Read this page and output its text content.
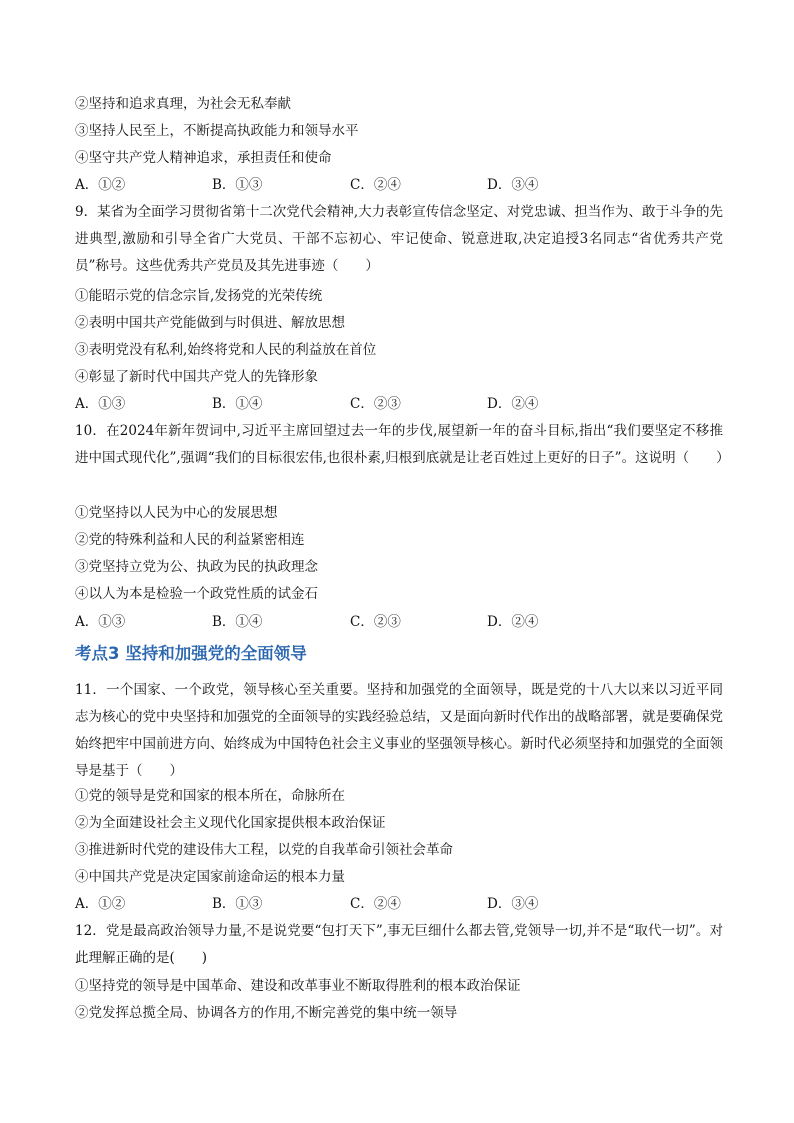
②坚持和追求真理，为社会无私奉献
③坚持人民至上，不断提高执政能力和领导水平
④坚守共产党人精神追求，承担责任和使命
A．①②	B．①③	C．②④	D．③④
9．某省为全面学习贯彻省第十二次党代会精神,大力表彰宣传信念坚定、对党忠诚、担当作为、敢于斗争的先进典型,激励和引导全省广大党员、干部不忘初心、牢记使命、锐意进取,决定追授3名同志“省优秀共产党员”称号。这些优秀共产党员及其先进事迹（　　）
①能昭示党的信念宗旨,发扬党的光荣传统
②表明中国共产党能做到与时俱进、解放思想
③表明党没有私利,始终将党和人民的利益放在首位
④彰显了新时代中国共产党人的先锋形象
A．①③	B．①④	C．②③	D．②④
10．在2024年新年贺词中,习近平主席回望过去一年的步伐,展望新一年的奋斗目标,指出“我们要坚定不移推进中国式现代化”,强调“我们的目标很宏伟,也很朴素,归根到底就是让老百姓过上更好的日子”。这说明（　　）
①党坚持以人民为中心的发展思想
②党的特殊利益和人民的利益紧密相连
③党坚持立党为公、执政为民的执政理念
④以人为本是检验一个政党性质的试金石
A．①③	B．①④	C．②③	D．②④
考点3 坚持和加强党的全面领导
11．一个国家、一个政党，领导核心至关重要。坚持和加强党的全面领导，既是党的十八大以来以习近平同志为核心的党中央坚持和加强党的全面领导的实践经验总结，又是面向新时代作出的战略部署，就是要确保党始终把牢中国前进方向、始终成为中国特色社会主义事业的坚强领导核心。新时代必须坚持和加强党的全面领导是基于（　　）
①党的领导是党和国家的根本所在，命脉所在
②为全面建设社会主义现代化国家提供根本政治保证
③推进新时代党的建设伟大工程，以党的自我革命引领社会革命
④中国共产党是决定国家前途命运的根本力量
A．①②	B．①③	C．②④	D．③④
12．党是最高政治领导力量,不是说党要“包打天下”,事无巨细什么都去管,党领导一切,并不是“取代一切”。对此理解正确的是(　　)
①坚持党的领导是中国革命、建设和改革事业不断取得胜利的根本政治保证
②党发挥总揽全局、协调各方的作用,不断完善党的集中统一领导
